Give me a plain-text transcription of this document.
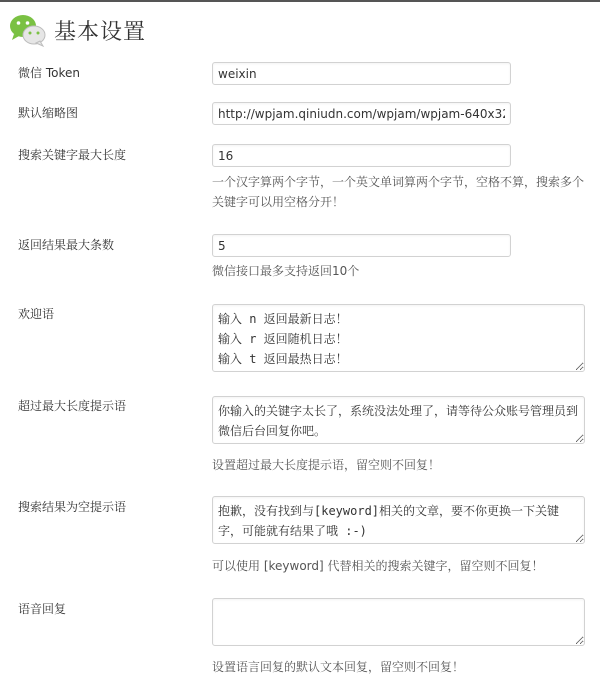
基本设置
微信 Token
weixin
默认缩略图
http://wpjam.qiniudn.com/wpjam/wpjam-640x320.jpg
搜索关键字最大长度
16
一个汉字算两个字节，一个英文单词算两个字节，空格不算，搜索多个关键字可以用空格分开！
返回结果最大条数
5
微信接口最多支持返回10个
欢迎语
输入 n 返回最新日志！ 输入 r 返回随机日志！ 输入 t 返回最热日志！
超过最大长度提示语
你输入的关键字太长了，系统没法处理了，请等待公众账号管理员到微信后台回复你吧。
设置超过最大长度提示语，留空则不回复！
搜索结果为空提示语
抱歉，没有找到与[keyword]相关的文章，要不你更换一下关键字，可能就有结果了哦 :-)
可以使用 [keyword] 代替相关的搜索关键字，留空则不回复！
语音回复
设置语言回复的默认文本回复，留空则不回复！
